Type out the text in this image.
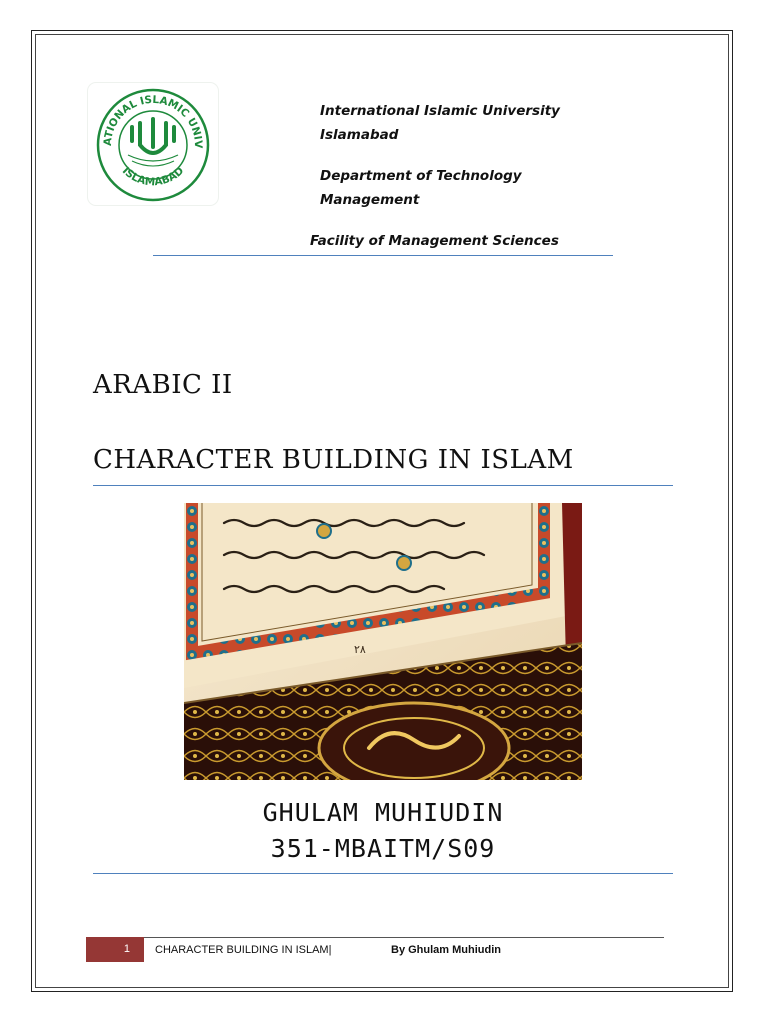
ATIONAL ISLAMIC UNIV
ISLAMABAD
International Islamic University
Islamabad
Department of Technology
Management
Facility of Management Sciences
ARABIC II
CHARACTER BUILDING IN ISLAM
٢٨
GHULAM MUHIUDIN
351-MBAITM/S09
1	CHARACTER BUILDING IN ISLAM|	By Ghulam Muhiudin
